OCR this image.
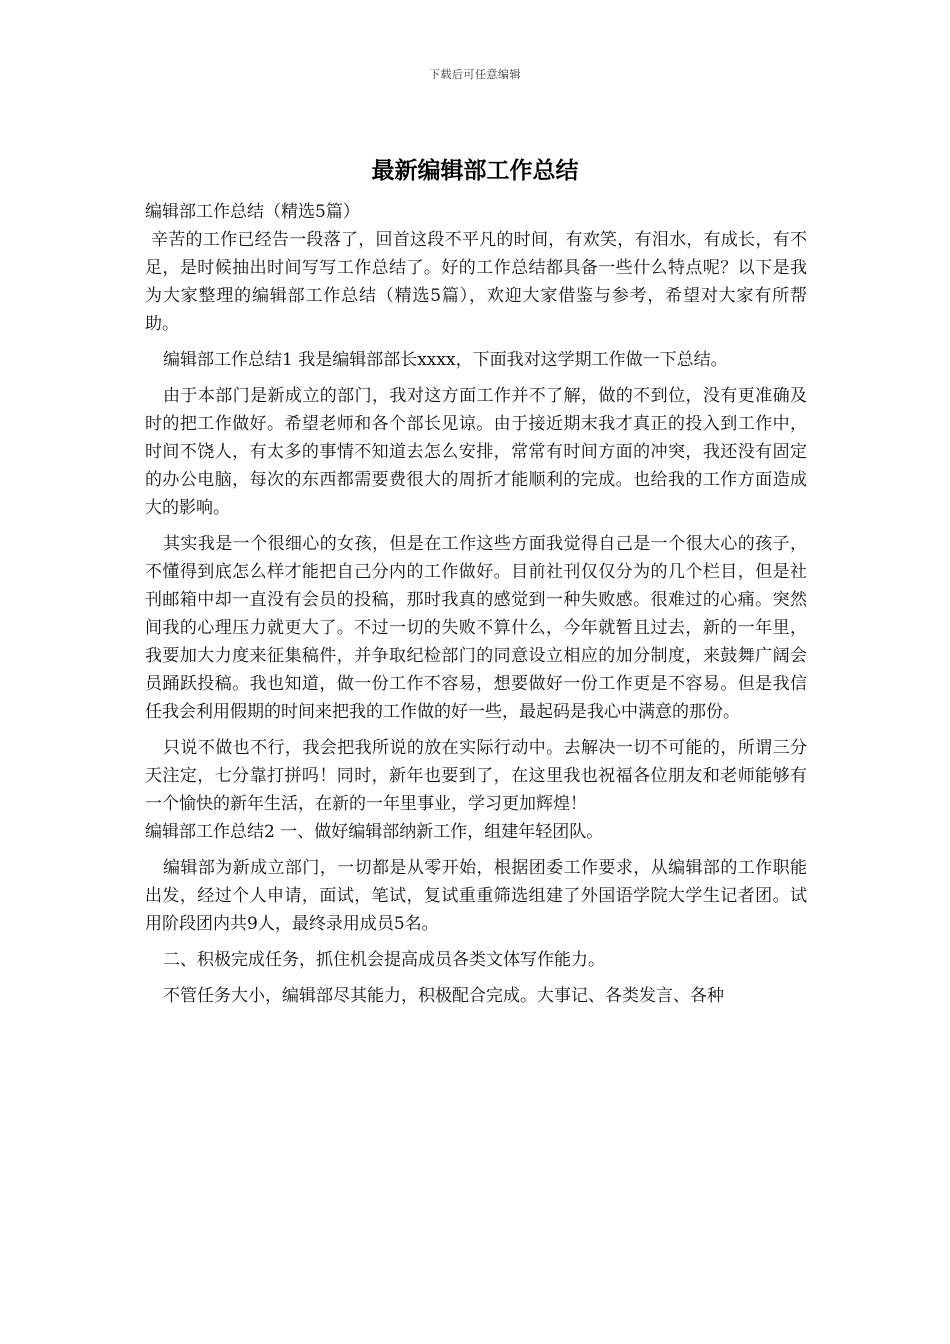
下载后可任意编辑
最新编辑部工作总结

编辑部工作总结（精选5篇）

辛苦的工作已经告一段落了，回首这段不平凡的时间，有欢笑，有泪水，有成长，有不足，是时候抽出时间写写工作总结了。好的工作总结都具备一些什么特点呢？以下是我为大家整理的编辑部工作总结（精选5篇），欢迎大家借鉴与参考，希望对大家有所帮助。

编辑部工作总结1 我是编辑部部长xxxx，下面我对这学期工作做一下总结。

由于本部门是新成立的部门，我对这方面工作并不了解，做的不到位，没有更准确及时的把工作做好。希望老师和各个部长见谅。由于接近期末我才真正的投入到工作中，时间不饶人，有太多的事情不知道去怎么安排，常常有时间方面的冲突，我还没有固定的办公电脑，每次的东西都需要费很大的周折才能顺利的完成。也给我的工作方面造成大的影响。

其实我是一个很细心的女孩，但是在工作这些方面我觉得自己是一个很大心的孩子，不懂得到底怎么样才能把自己分内的工作做好。目前社刊仅仅分为的几个栏目，但是社刊邮箱中却一直没有会员的投稿，那时我真的感觉到一种失败感。很难过的心痛。突然间我的心理压力就更大了。不过一切的失败不算什么，今年就暂且过去，新的一年里，我要加大力度来征集稿件，并争取纪检部门的同意设立相应的加分制度，来鼓舞广阔会员踊跃投稿。我也知道，做一份工作不容易，想要做好一份工作更是不容易。但是我信任我会利用假期的时间来把我的工作做的好一些，最起码是我心中满意的那份。

只说不做也不行，我会把我所说的放在实际行动中。去解决一切不可能的，所谓三分天注定，七分靠打拼吗！同时，新年也要到了，在这里我也祝福各位朋友和老师能够有一个愉快的新年生活，在新的一年里事业，学习更加辉煌！

编辑部工作总结2 一、做好编辑部纳新工作，组建年轻团队。

编辑部为新成立部门，一切都是从零开始，根据团委工作要求，从编辑部的工作职能出发，经过个人申请，面试，笔试，复试重重筛选组建了外国语学院大学生记者团。试用阶段团内共9人，最终录用成员5名。

二、积极完成任务，抓住机会提高成员各类文体写作能力。

不管任务大小，编辑部尽其能力，积极配合完成。大事记、各类发言、各种
